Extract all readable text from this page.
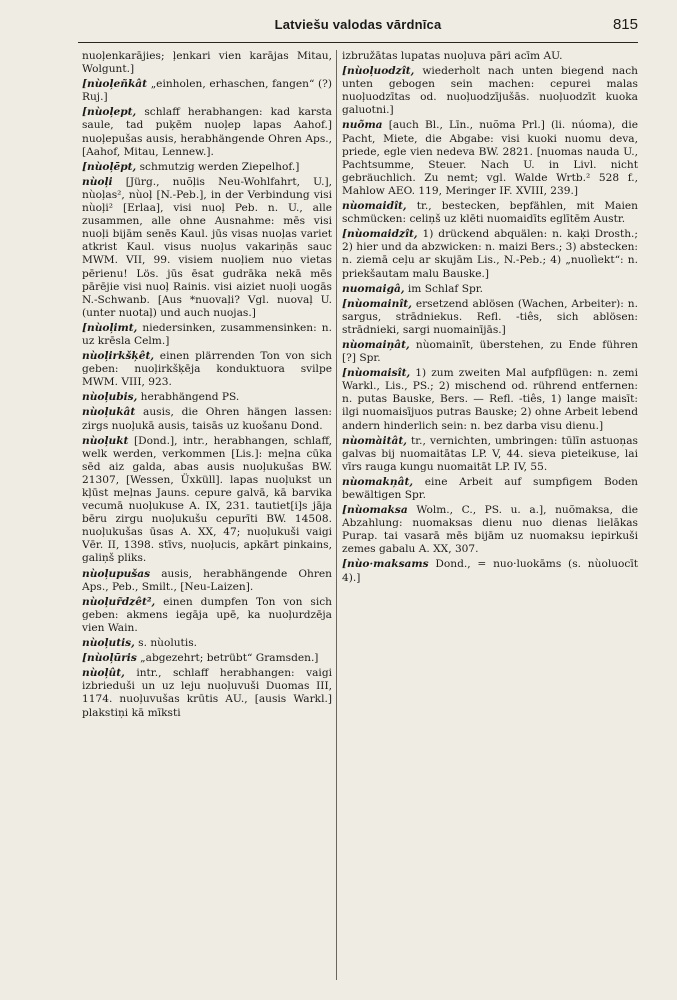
Latviešu valodas vārdnīca	815

nuoļenkarājies; ļenkari vien karājas Mitau, Wolgunt.]

[nùoļeñkât „einholen, erhaschen, fangen“ (?) Ruj.]

[nùoļept, schlaff herabhangen: kad karsta saule, tad puķēm nuoļep lapas Aahof.] nuoļepušas ausis, herabhängende Ohren Aps., [Aahof, Mitau, Lennew.].

[nùoļēpt, schmutzig werden Ziepelhof.]

nùoļi [Jürg., nuõļis Neu-Wohlfahrt, U.], nùoļas², nùoļ [N.-Peb.], in der Verbindung visi nùoļi² [Erlaa], visi nuoļ Peb. n. U., alle zusammen, alle ohne Ausnahme: mēs visi nuoļi bijām senēs Kaul. jūs visas nuoļas variet atkrist Kaul. visus nuoļus vakariņās sauc MWM. VII, 99. visiem nuoļiem nuo vietas pērienu! Lös. jūs ēsat gudrāka nekā mēs pārējie visi nuoļ Rainis. visi aiziet nuoļi uogās N.-Schwanb. [Aus *nuovaļi? Vgl. nuovaļ U. (unter nuotaļ) und auch nuojas.]

[nùoļimt, niedersinken, zusammensinken: n. uz krēsla Celm.]

nùoļirkšķêt, einen plärrenden Ton von sich geben: nuoļirkšķēja konduktuora svilpe MWM. VIII, 923.

nùoļubis, herabhängend PS.

nùoļukât ausis, die Ohren hängen lassen: zirgs nuoļukā ausis, taisās uz kuošanu Dond.

nùoļukt [Dond.], intr., herabhangen, schlaff, welk werden, verkommen [Lis.]: meļna cūka sēd aiz galda, abas ausis nuoļukušas BW. 21307, [Wessen, Üxküll]. lapas nuoļukst un kļūst meļnas Jauns. cepure galvā, kā barvika vecumā nuoļukuse A. IX, 231. tautiet[i]s jāja bēru zirgu nuoļukušu cepurīti BW. 14508. nuoļukušas ūsas A. XX, 47; nuoļukuši vaigi Vēr. II, 1398. stīvs, nuoļucis, apkārt pinkains, galiņš pliks.

nùoļupušas ausis, herabhängende Ohren Aps., Peb., Smilt., [Neu-Laizen].

nùoļur̃dzêt², einen dumpfen Ton von sich geben: akmens iegāja upē, ka nuoļurdzēja vien Wain.

nùoļutis, s. nùolutis.

[nùoļūris „abgezehrt; betrübt“ Gramsden.]

nùoļût, intr., schlaff herabhangen: vaigi izbrieduši un uz leju nuoļuvuši Duomas III, 1174. nuoļuvušas krūtis AU., [ausis Warkl.] plakstiņi kā mīksti

izbružātas lupatas nuoļuva pāri acīm AU.

[nùoļuodzît, wiederholt nach unten biegend nach unten gebogen sein machen: cepurei malas nuoļuodzītas od. nuoļuodzījušās. nuoļuodzīt kuoka galuotni.]

nuõma [auch Bl., Līn., nuõma Prl.] (li. núoma), die Pacht, Miete, die Abgabe: visi kuoki nuomu deva, priede, egle vien nedeva BW. 2821. [nuomas nauda U., Pachtsumme, Steuer. Nach U. in Livl. nicht gebräuchlich. Zu nemt; vgl. Walde Wrtb.² 528 f., Mahlow AEO. 119, Meringer IF. XVIII, 239.]

nùomaidît, tr., bestecken, bepfählen, mit Maien schmücken: celiņš uz klēti nuomaidīts eglītēm Austr.

[nùomaidzît, 1) drückend abquälen: n. kaķi Drosth.; 2) hier und da abzwicken: n. maizi Bers.; 3) abstecken: n. ziemā ceļu ar skujām Lis., N.-Peb.; 4) „nuolìekt“: n. priekšautam malu Bauske.]

nuomaigâ, im Schlaf Spr.

[nùomainît, ersetzend ablösen (Wachen, Arbeiter): n. sargus, strādniekus. Refl. -tiês, sich ablösen: strādnieki, sargi nuomainījās.]

nùomaiņât, nùomainīt, überstehen, zu Ende führen [?] Spr.

[nùomaisît, 1) zum zweiten Mal aufpflügen: n. zemi Warkl., Lis., PS.; 2) mischend od. rührend entfernen: n. putas Bauske, Bers. — Refl. -tiês, 1) lange maisīt: ilgi nuomaisījuos putras Bauske; 2) ohne Arbeit lebend andern hinderlich sein: n. bez darba visu dienu.]

nùomàitât, tr., vernichten, umbringen: tūlīn astuoņas galvas bij nuomaitātas LP. V, 44. sieva pieteikuse, lai vīrs rauga kungu nuomaitāt LP. IV, 55.

nùomakņât, eine Arbeit auf sumpfigem Boden bewältigen Spr.

[nùomaksa Wolm., C., PS. u. a.], nuõmaksa, die Abzahlung: nuomaksas dienu nuo dienas lielākas Purap. tai vasarā mēs bijām uz nuomaksu iepirkuši zemes gabalu A. XX, 307.

[nùo·maksams Dond., = nuo·luokāms (s. nùoluocīt 4).]
